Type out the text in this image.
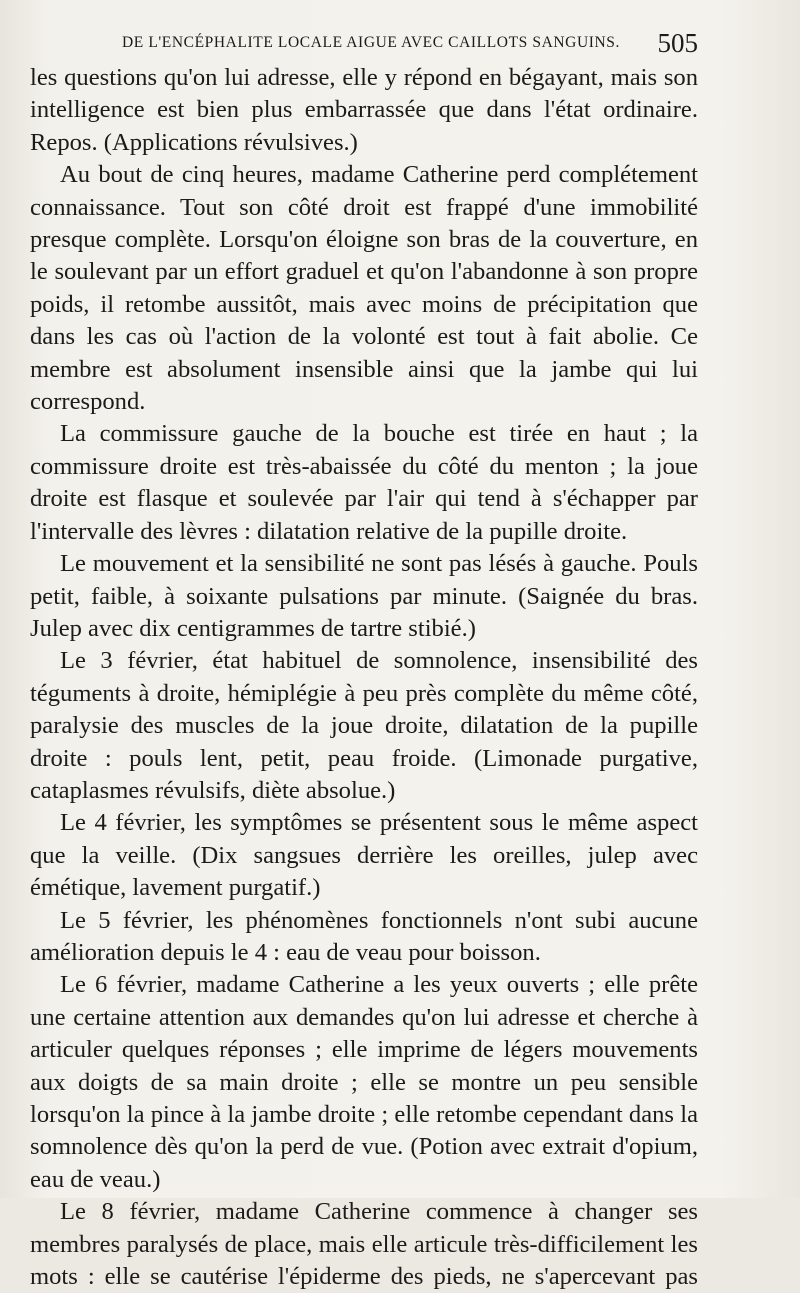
DE L'ENCÉPHALITE LOCALE AIGUE AVEC CAILLOTS SANGUINS. 505

les questions qu'on lui adresse, elle y répond en bégayant, mais son intelligence est bien plus embarrassée que dans l'état ordinaire. Repos. (Applications révulsives.)

Au bout de cinq heures, madame Catherine perd complétement connaissance. Tout son côté droit est frappé d'une immobilité presque complète. Lorsqu'on éloigne son bras de la couverture, en le soulevant par un effort graduel et qu'on l'abandonne à son propre poids, il retombe aussitôt, mais avec moins de précipitation que dans les cas où l'action de la volonté est tout à fait abolie. Ce membre est absolument insensible ainsi que la jambe qui lui correspond.

La commissure gauche de la bouche est tirée en haut ; la commissure droite est très-abaissée du côté du menton ; la joue droite est flasque et soulevée par l'air qui tend à s'échapper par l'intervalle des lèvres : dilatation relative de la pupille droite.

Le mouvement et la sensibilité ne sont pas lésés à gauche. Pouls petit, faible, à soixante pulsations par minute. (Saignée du bras. Julep avec dix centigrammes de tartre stibié.)

Le 3 février, état habituel de somnolence, insensibilité des téguments à droite, hémiplégie à peu près complète du même côté, paralysie des muscles de la joue droite, dilatation de la pupille droite : pouls lent, petit, peau froide. (Limonade purgative, cataplasmes révulsifs, diète absolue.)

Le 4 février, les symptômes se présentent sous le même aspect que la veille. (Dix sangsues derrière les oreilles, julep avec émétique, lavement purgatif.)

Le 5 février, les phénomènes fonctionnels n'ont subi aucune amélioration depuis le 4 : eau de veau pour boisson.

Le 6 février, madame Catherine a les yeux ouverts ; elle prête une certaine attention aux demandes qu'on lui adresse et cherche à articuler quelques réponses ; elle imprime de légers mouvements aux doigts de sa main droite ; elle se montre un peu sensible lorsqu'on la pince à la jambe droite ; elle retombe cependant dans la somnolence dès qu'on la perd de vue. (Potion avec extrait d'opium, eau de veau.)

Le 8 février, madame Catherine commence à changer ses membres paralysés de place, mais elle articule très-difficilement les mots : elle se cautérise l'épiderme des pieds, ne s'apercevant pas
